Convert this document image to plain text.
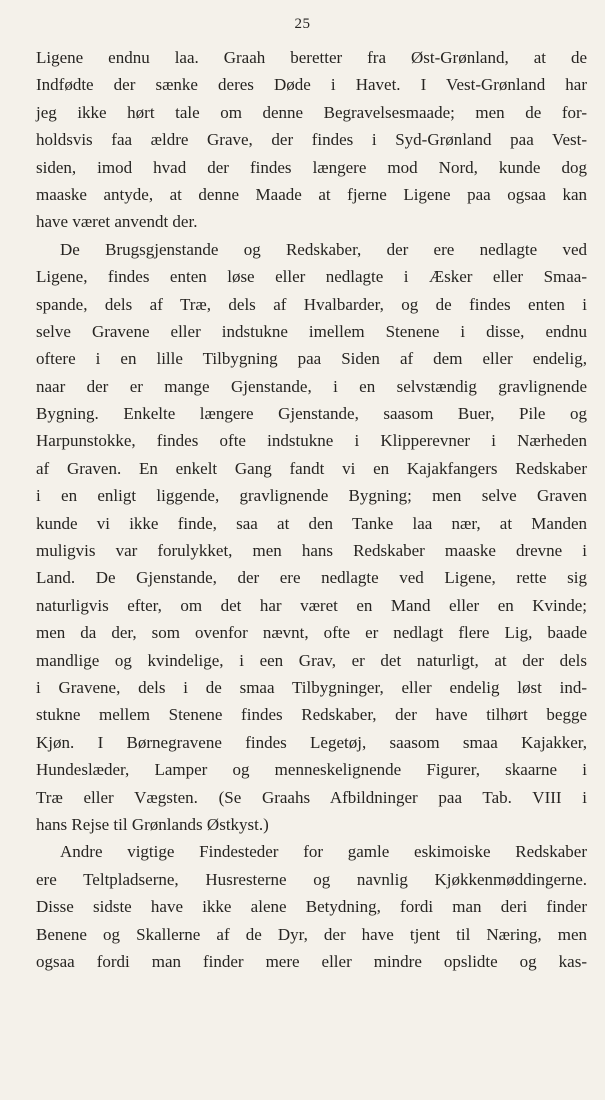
25
Ligene endnu laa. Graah beretter fra Øst-Grønland, at de
Indfødte der sænke deres Døde i Havet. I Vest-Grønland har
jeg ikke hørt tale om denne Begravelsesmaade; men de for-
holdsvis faa ældre Grave, der findes i Syd-Grønland paa Vest-
siden, imod hvad der findes længere mod Nord, kunde dog
maaske antyde, at denne Maade at fjerne Ligene paa ogsaa kan
have været anvendt der.
De Brugsgjenstande og Redskaber, der ere nedlagte ved
Ligene, findes enten løse eller nedlagte i Æsker eller Smaa-
spande, dels af Træ, dels af Hvalbarder, og de findes enten i
selve Gravene eller indstukne imellem Stenene i disse, endnu
oftere i en lille Tilbygning paa Siden af dem eller endelig,
naar der er mange Gjenstande, i en selvstændig gravlignende
Bygning. Enkelte længere Gjenstande, saasom Buer, Pile og
Harpunstokke, findes ofte indstukne i Klipperevner i Nærheden
af Graven. En enkelt Gang fandt vi en Kajakfangers Redskaber
i en enligt liggende, gravlignende Bygning; men selve Graven
kunde vi ikke finde, saa at den Tanke laa nær, at Manden
muligvis var forulykket, men hans Redskaber maaske drevne i
Land. De Gjenstande, der ere nedlagte ved Ligene, rette sig
naturligvis efter, om det har været en Mand eller en Kvinde;
men da der, som ovenfor nævnt, ofte er nedlagt flere Lig, baade
mandlige og kvindelige, i een Grav, er det naturligt, at der dels
i Gravene, dels i de smaa Tilbygninger, eller endelig løst ind-
stukne mellem Stenene findes Redskaber, der have tilhørt begge
Kjøn. I Børnegravene findes Legetøj, saasom smaa Kajakker,
Hundeslæder, Lamper og menneskelignende Figurer, skaarne i
Træ eller Vægsten. (Se Graahs Afbildninger paa Tab. VIII i
hans Rejse til Grønlands Østkyst.)
Andre vigtige Findesteder for gamle eskimoiske Redskaber
ere Teltpladserne, Husresterne og navnlig Kjøkkenmøddingerne.
Disse sidste have ikke alene Betydning, fordi man deri finder
Benene og Skallerne af de Dyr, der have tjent til Næring, men
ogsaa fordi man finder mere eller mindre opslidte og kas-
